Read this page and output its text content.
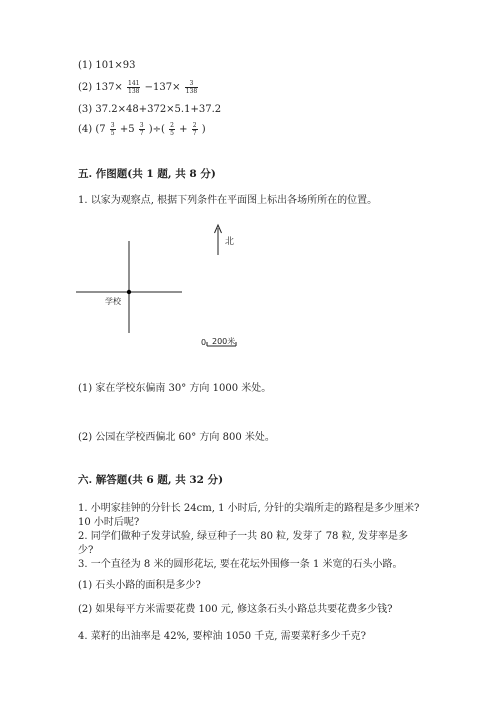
(1) 101×93
(2) $137\times \frac{141}{138} -137\times \frac{3}{138}$
(3) 37.2×48+372×5.1+37.2
(4) ($7 \frac{3}{5} +5 \frac{3}{7}$ )÷( $\frac{2}{5} + \frac{2}{7}$ )
五. 作图题(共 1 题, 共 8 分)
1. 以家为观察点, 根据下列条件在平面图上标出各场所所在的位置。
北
学校
0 200米
(1) 家在学校东偏南 30° 方向 1000 米处。
(2) 公园在学校西偏北 60° 方向 800 米处。
六. 解答题(共 6 题, 共 32 分)
1. 小明家挂钟的分针长 24cm, 1 小时后, 分针的尖端所走的路程是多少厘米?
10 小时后呢?
2. 同学们做种子发芽试验, 绿豆种子一共 80 粒, 发芽了 78 粒, 发芽率是多
少?
3. 一个直径为 8 米的圆形花坛, 要在花坛外围修一条 1 米宽的石头小路。
(1) 石头小路的面积是多少?
(2) 如果每平方米需要花费 100 元, 修这条石头小路总共要花费多少钱?
4. 菜籽的出油率是 42%, 要榨油 1050 千克, 需要菜籽多少千克?
